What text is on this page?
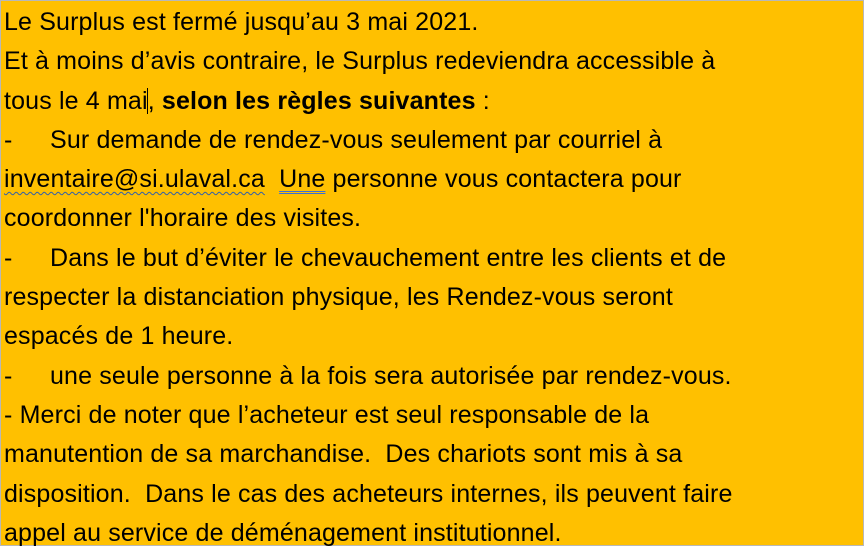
Le Surplus est fermé jusqu’au 3 mai 2021.
Et à moins d’avis contraire, le Surplus redeviendra accessible à
tous le 4 mai, selon les règles suivantes :
- Sur demande de rendez-vous seulement par courriel à
inventaire@si.ulaval.ca Une personne vous contactera pour
coordonner l'horaire des visites.
- Dans le but d’éviter le chevauchement entre les clients et de
respecter la distanciation physique, les Rendez-vous seront
espacés de 1 heure.
- une seule personne à la fois sera autorisée par rendez-vous.
- Merci de noter que l’acheteur est seul responsable de la
manutention de sa marchandise.  Des chariots sont mis à sa
disposition.  Dans le cas des acheteurs internes, ils peuvent faire
appel au service de déménagement institutionnel.
